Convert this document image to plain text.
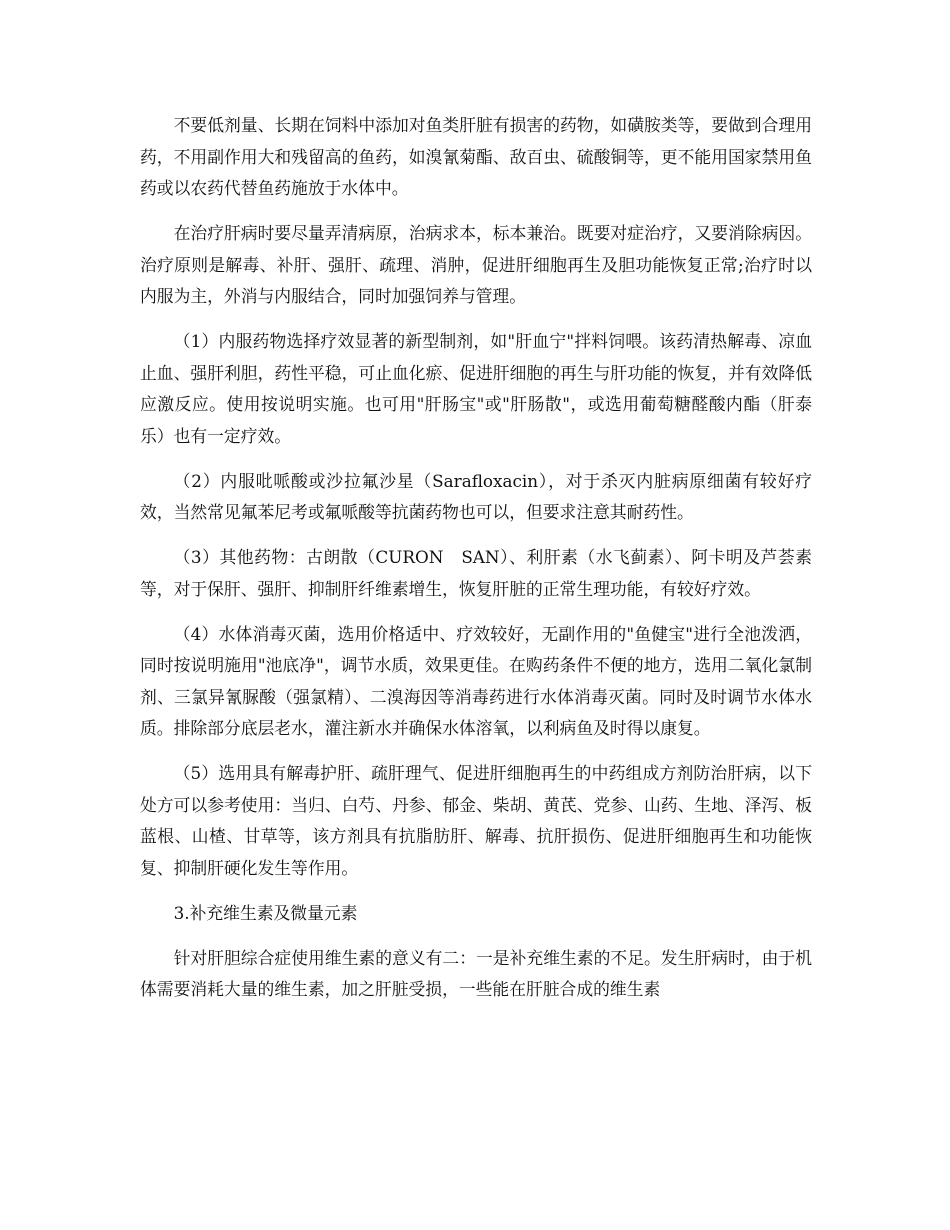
不要低剂量、长期在饲料中添加对鱼类肝脏有损害的药物，如磺胺类等，要做到合理用药，不用副作用大和残留高的鱼药，如溴氰菊酯、敌百虫、硫酸铜等，更不能用国家禁用鱼药或以农药代替鱼药施放于水体中。

在治疗肝病时要尽量弄清病原，治病求本，标本兼治。既要对症治疗，又要消除病因。治疗原则是解毒、补肝、强肝、疏理、消肿，促进肝细胞再生及胆功能恢复正常;治疗时以内服为主，外消与内服结合，同时加强饲养与管理。

（1）内服药物选择疗效显著的新型制剂，如"肝血宁"拌料饲喂。该药清热解毒、凉血止血、强肝利胆，药性平稳，可止血化瘀、促进肝细胞的再生与肝功能的恢复，并有效降低应激反应。使用按说明实施。也可用"肝肠宝"或"肝肠散"，或选用葡萄糖醛酸内酯（肝泰乐）也有一定疗效。

（2）内服吡哌酸或沙拉氟沙星（Sarafloxacin），对于杀灭内脏病原细菌有较好疗效，当然常见氟苯尼考或氟哌酸等抗菌药物也可以，但要求注意其耐药性。

（3）其他药物：古朗散（CURON　SAN）、利肝素（水飞蓟素）、阿卡明及芦荟素等，对于保肝、强肝、抑制肝纤维素增生，恢复肝脏的正常生理功能，有较好疗效。

（4）水体消毒灭菌，选用价格适中、疗效较好，无副作用的"鱼健宝"进行全池泼洒，同时按说明施用"池底净"，调节水质，效果更佳。在购药条件不便的地方，选用二氧化氯制剂、三氯异氰脲酸（强氯精）、二溴海因等消毒药进行水体消毒灭菌。同时及时调节水体水质。排除部分底层老水，灌注新水并确保水体溶氧，以利病鱼及时得以康复。

（5）选用具有解毒护肝、疏肝理气、促进肝细胞再生的中药组成方剂防治肝病，以下处方可以参考使用：当归、白芍、丹参、郁金、柴胡、黄芪、党参、山药、生地、泽泻、板蓝根、山楂、甘草等，该方剂具有抗脂肪肝、解毒、抗肝损伤、促进肝细胞再生和功能恢复、抑制肝硬化发生等作用。

3.补充维生素及微量元素

针对肝胆综合症使用维生素的意义有二：一是补充维生素的不足。发生肝病时，由于机体需要消耗大量的维生素，加之肝脏受损，一些能在肝脏合成的维生素
